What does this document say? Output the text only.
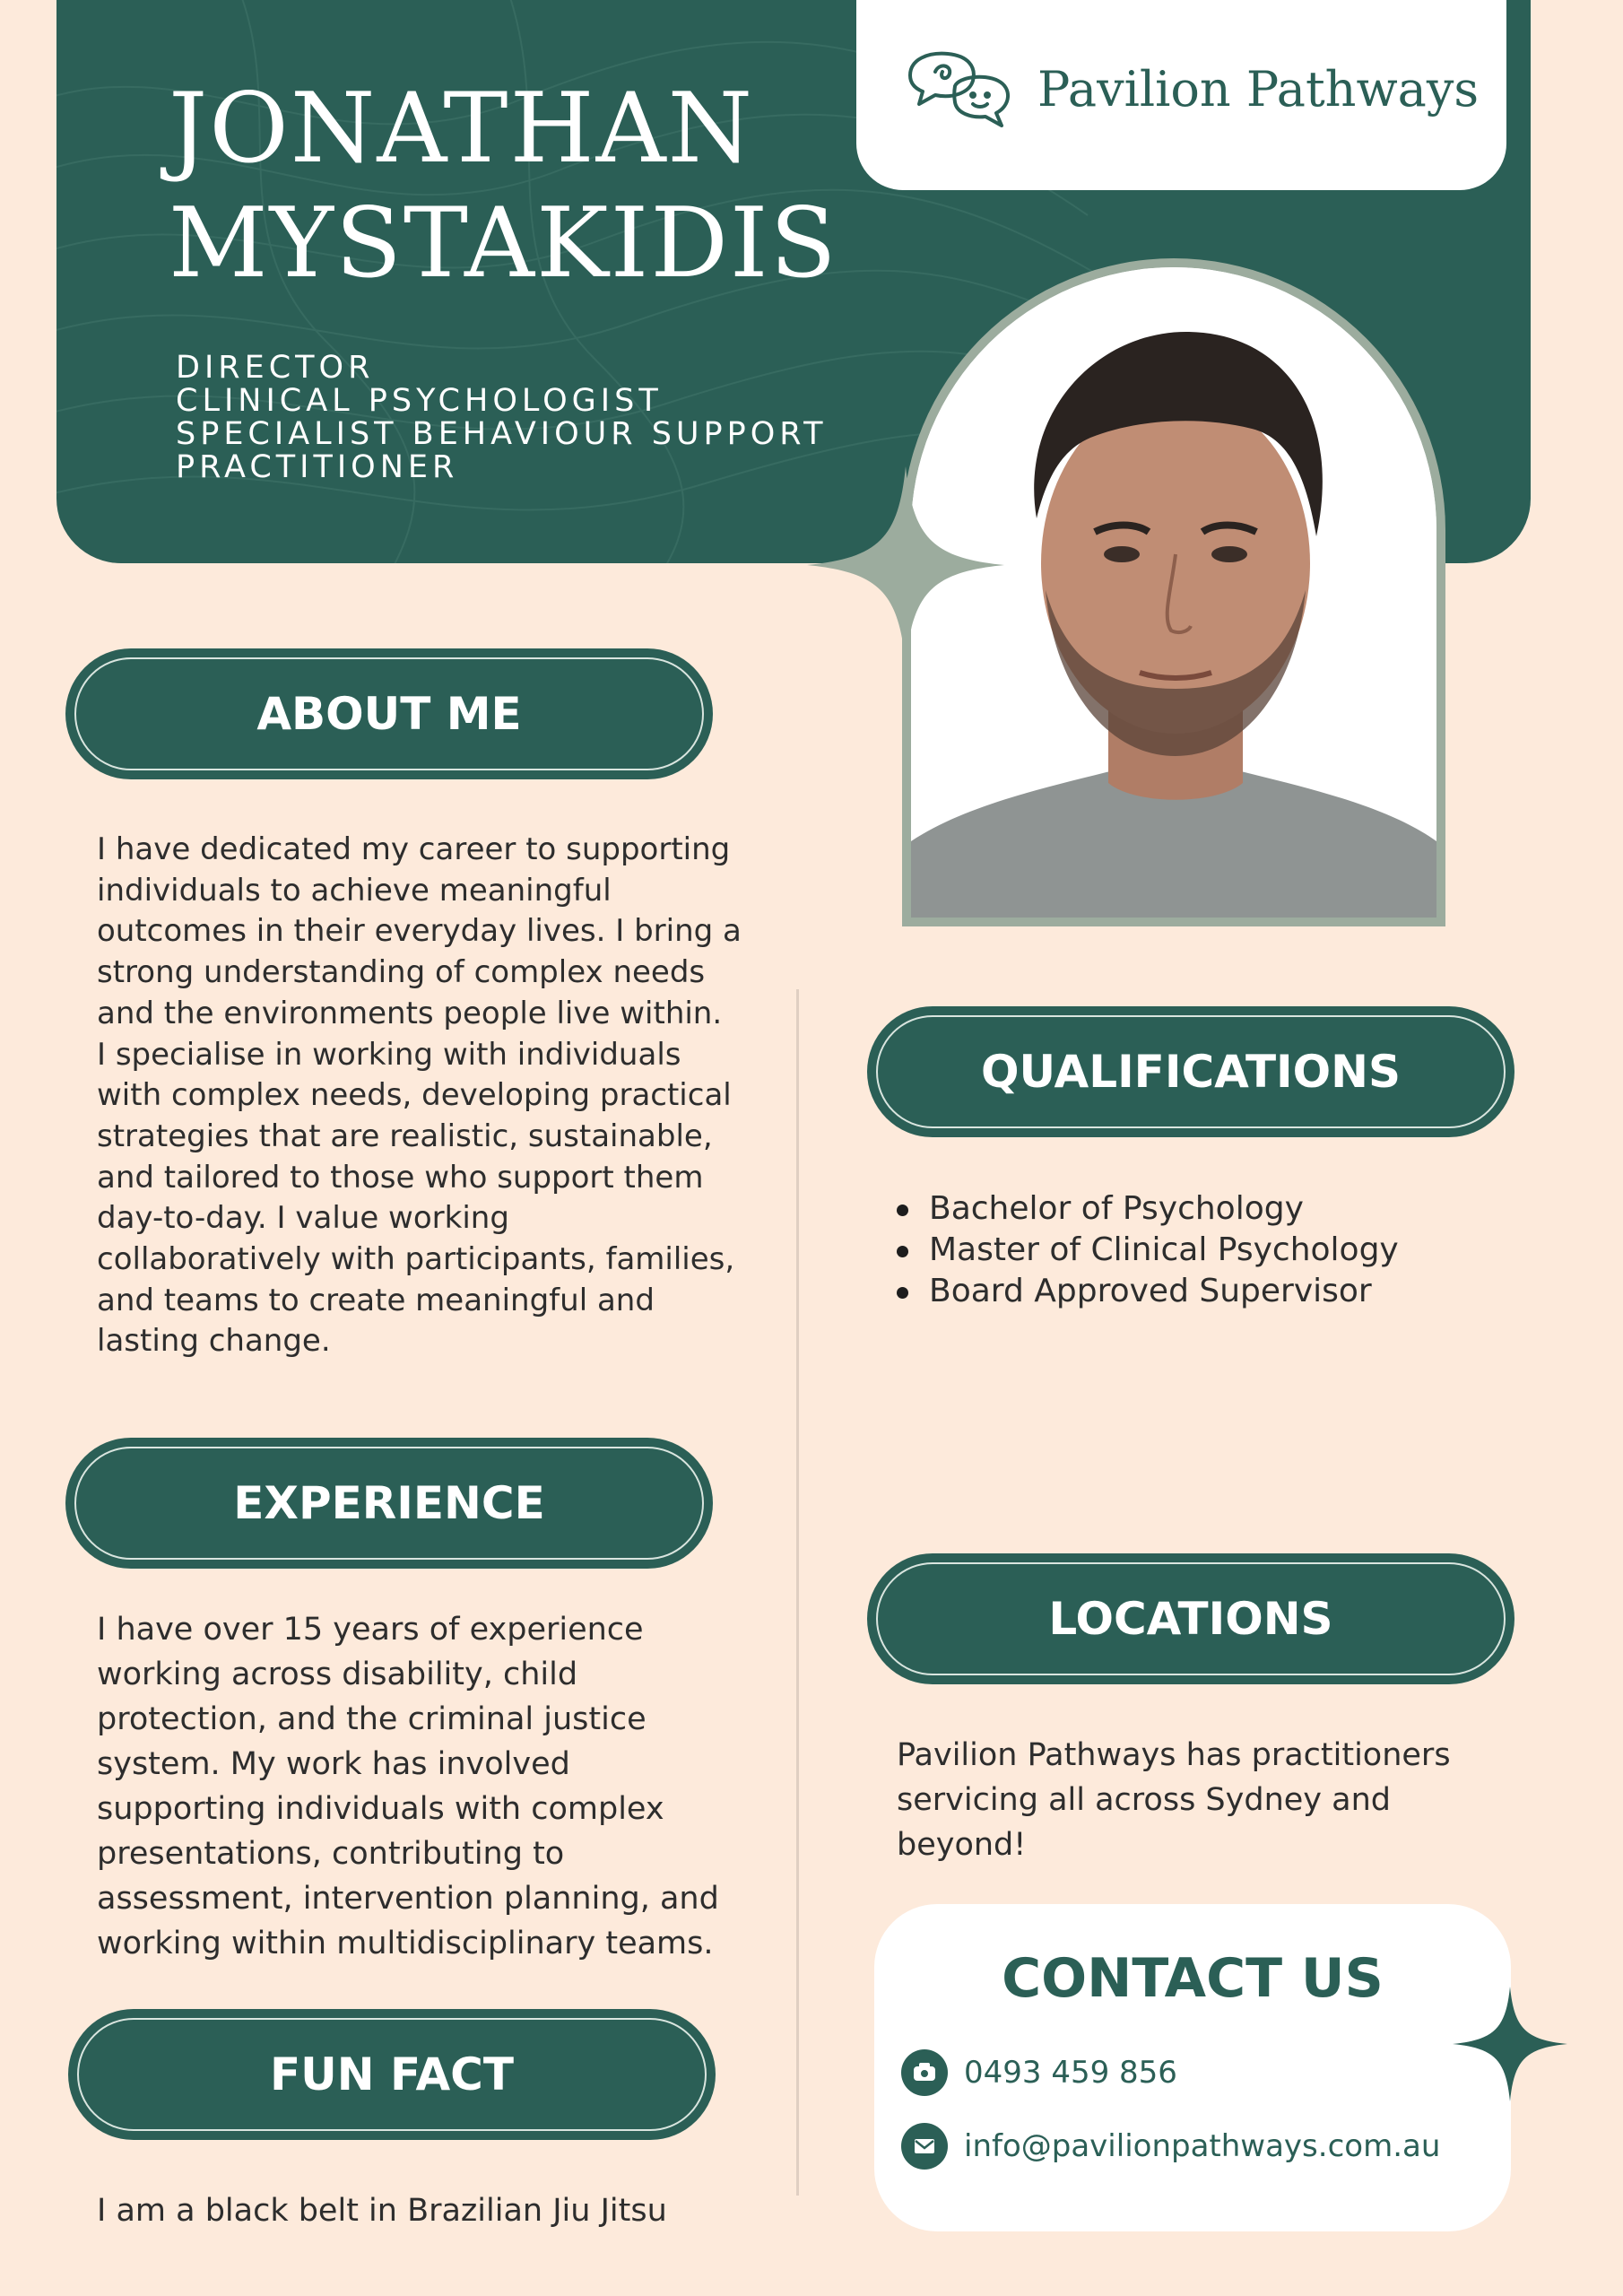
JONATHAN
MYSTAKIDIS
DIRECTOR
CLINICAL PSYCHOLOGIST
SPECIALIST BEHAVIOUR SUPPORT
PRACTITIONER
Pavilion Pathways
ABOUT ME

I have dedicated my career to supporting individuals to achieve meaningful outcomes in their everyday lives. I bring a strong understanding of complex needs and the environments people live within.

I specialise in working with individuals with complex needs, developing practical strategies that are realistic, sustainable, and tailored to those who support them day-to-day. I value working collaboratively with participants, families, and teams to create meaningful and lasting change.

EXPERIENCE
I have over 15 years of experience working across disability, child protection, and the criminal justice system. My work has involved supporting individuals with complex presentations, contributing to assessment, intervention planning, and working within multidisciplinary teams.
FUN FACT
I am a black belt in Brazilian Jiu Jitsu
QUALIFICATIONS
Bachelor of Psychology
Master of Clinical Psychology
Board Approved Supervisor
LOCATIONS
Pavilion Pathways has practitioners servicing all across Sydney and beyond!
CONTACT US
0493 459 856
info@pavilionpathways.com.au
